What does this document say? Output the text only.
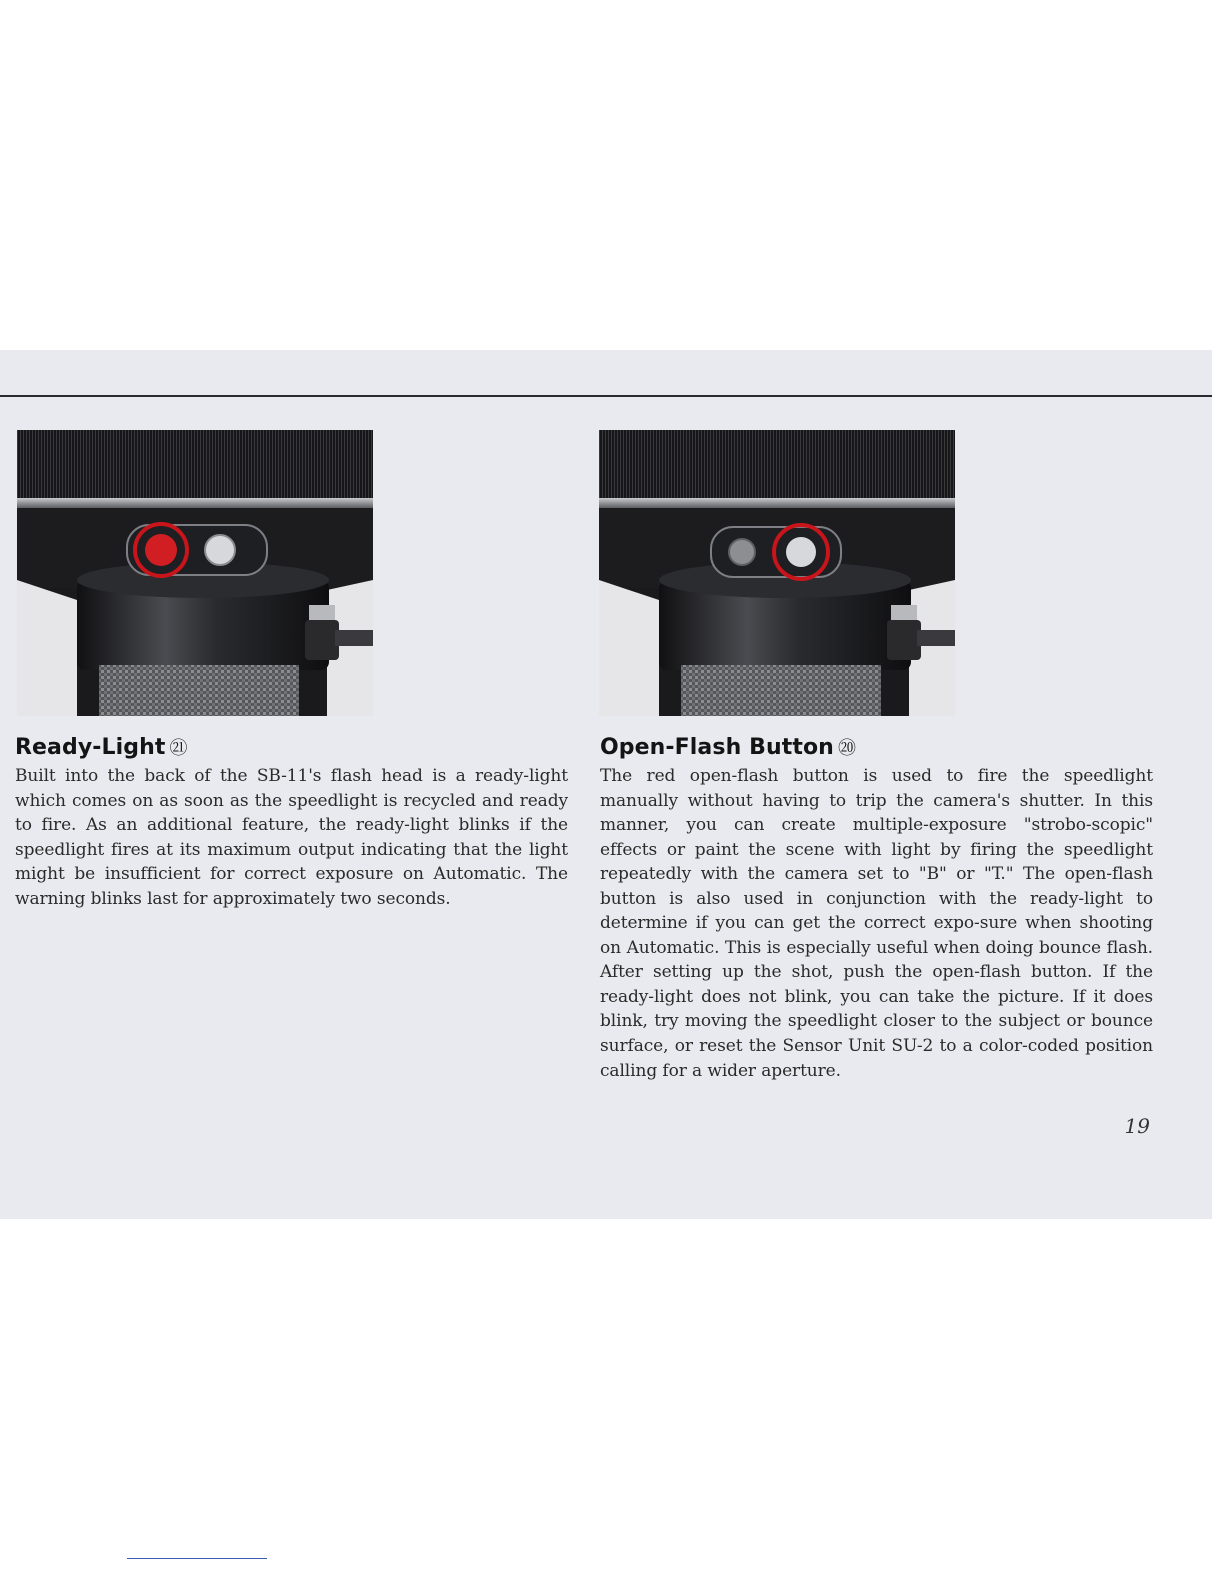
Ready-Light ㉑

Built into the back of the SB-11's flash head is a ready-light which comes on as soon as the speedlight is recycled and ready to fire. As an additional feature, the ready-light blinks if the speedlight fires at its maximum output indicating that the light might be insufficient for correct exposure on Automatic. The warning blinks last for approximately two seconds.

Open-Flash Button ⑳

The red open-flash button is used to fire the speedlight manually without having to trip the camera's shutter. In this manner, you can create multiple-exposure "strobo-scopic" effects or paint the scene with light by firing the speedlight repeatedly with the camera set to "B" or "T." The open-flash button is also used in conjunction with the ready-light to determine if you can get the correct expo-sure when shooting on Automatic. This is especially useful when doing bounce flash. After setting up the shot, push the open-flash button. If the ready-light does not blink, you can take the picture. If it does blink, try moving the speedlight closer to the subject or bounce surface, or reset the Sensor Unit SU-2 to a color-coded position calling for a wider aperture.

19
